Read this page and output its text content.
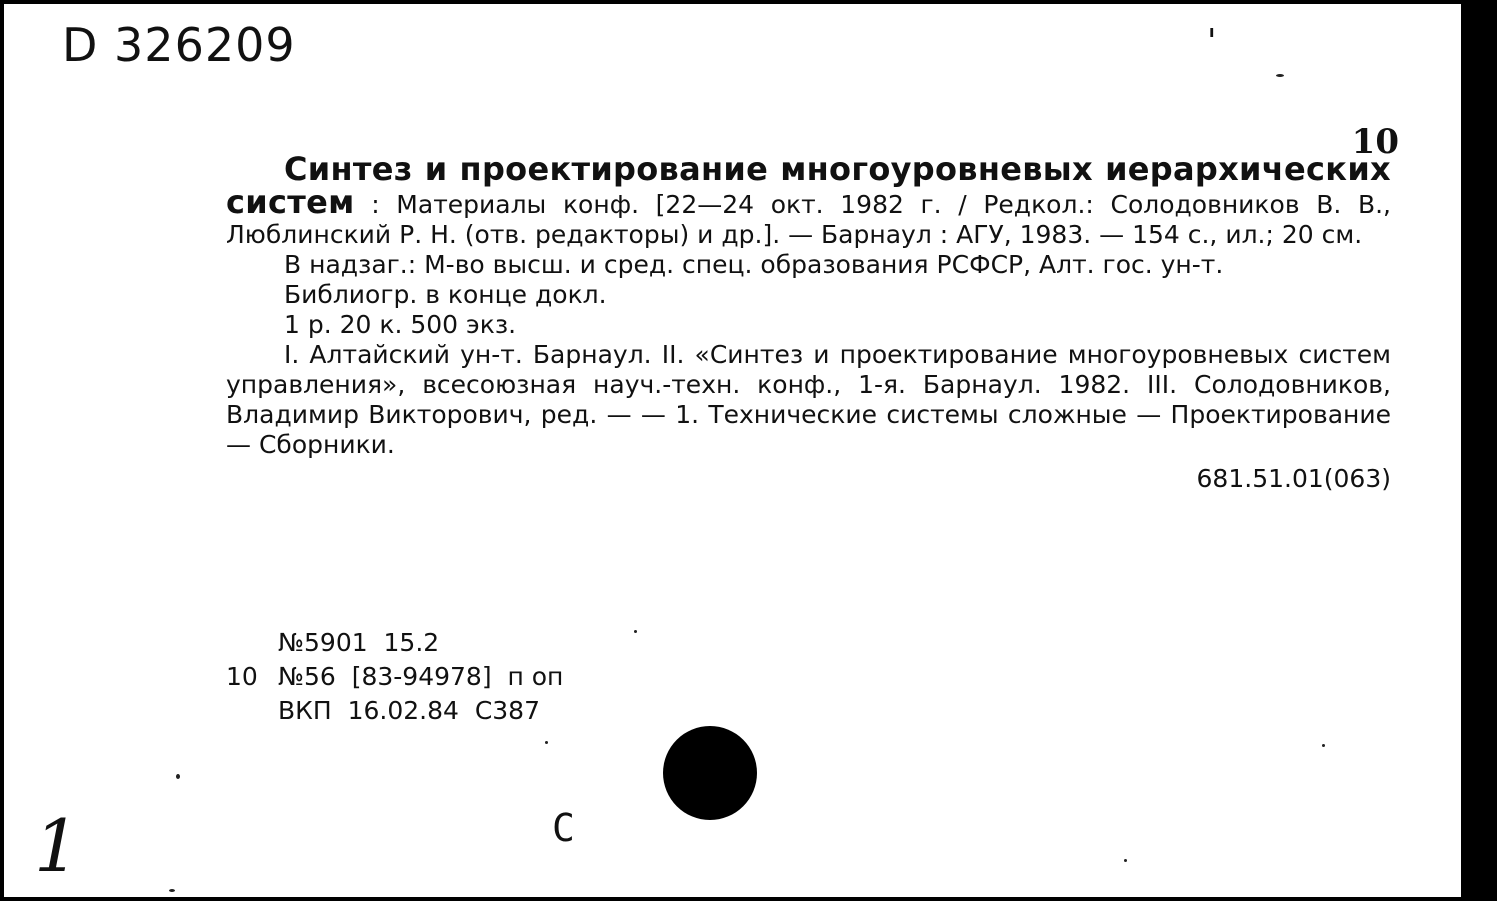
D 326209	ı
10

Синтез и проектирование многоуровневых иерархических систем : Материалы конф. [22—24 окт. 1982 г. / Редкол.: Солодовников В. В., Люблинский Р. Н. (отв. редакторы) и др.]. — Барнаул : АГУ, 1983. — 154 с., ил.; 20 см.

В надзаг.: М-во высш. и сред. спец. образования РСФСР, Алт. гос. ун-т.

Библиогр. в конце докл.

1 р. 20 к. 500 экз.

I. Алтайский ун-т. Барнаул. II. «Синтез и проектирование многоуровневых систем управления», всесоюзная науч.-техн. конф., 1-я. Барнаул. 1982. III. Солодовников, Владимир Викторович, ред. — — 1. Технические системы сложные — Проектирование — Сборники.

681.51.01(063)

№5901  15.2
10 №56  [83-94978]  п оп
ВКП  16.02.84  С387
С
1
